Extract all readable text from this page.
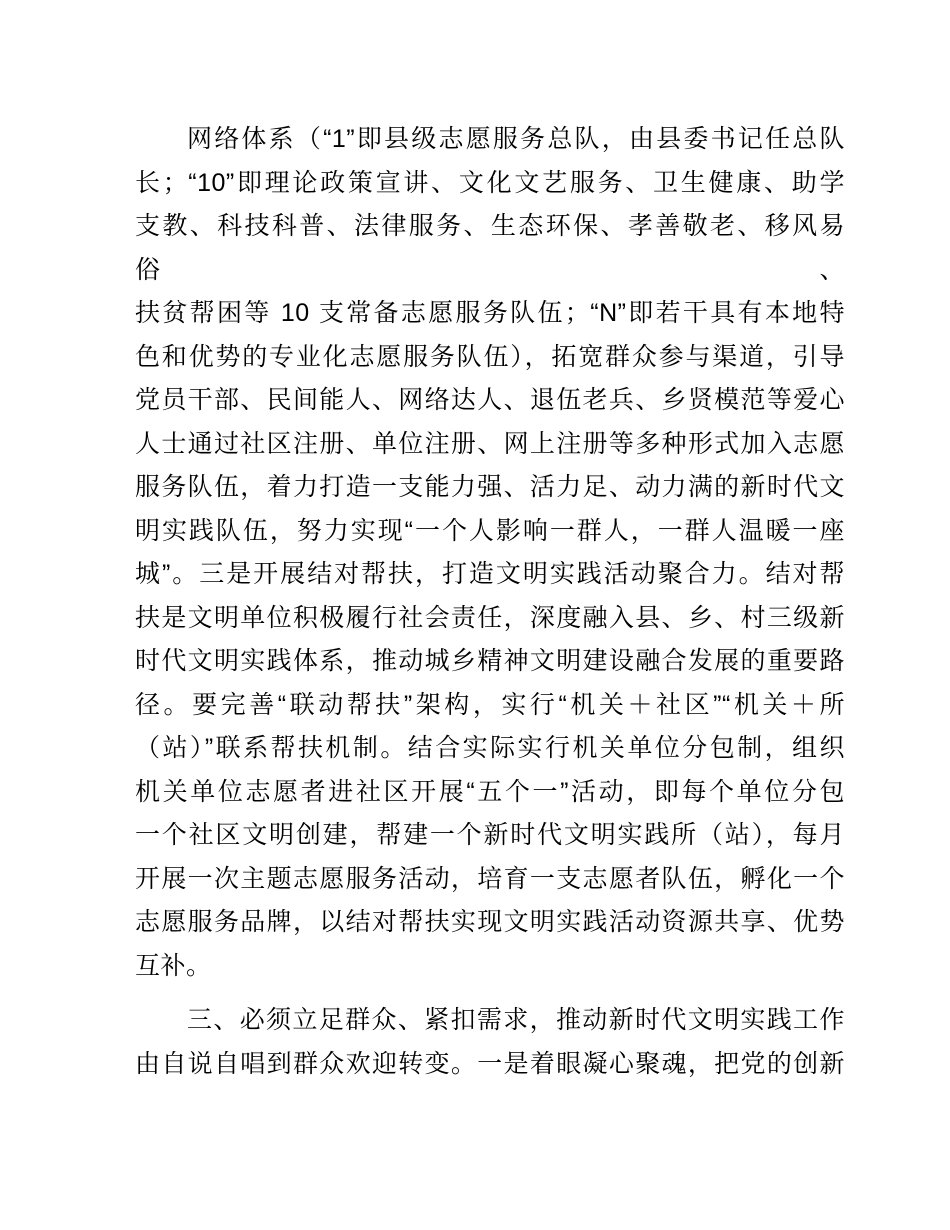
网络体系（“1”即县级志愿服务总队，由县委书记任总队
长；“10”即理论政策宣讲、文化文艺服务、卫生健康、助学
支教、科技科普、法律服务、生态环保、孝善敬老、移风易俗、
扶贫帮困等 10 支常备志愿服务队伍；“N”即若干具有本地特
色和优势的专业化志愿服务队伍），拓宽群众参与渠道，引导
党员干部、民间能人、网络达人、退伍老兵、乡贤模范等爱心
人士通过社区注册、单位注册、网上注册等多种形式加入志愿
服务队伍，着力打造一支能力强、活力足、动力满的新时代文
明实践队伍，努力实现“一个人影响一群人，一群人温暖一座
城”。三是开展结对帮扶，打造文明实践活动聚合力。结对帮
扶是文明单位积极履行社会责任，深度融入县、乡、村三级新
时代文明实践体系，推动城乡精神文明建设融合发展的重要路
径。要完善“联动帮扶”架构，实行“机关＋社区”“机关＋所
（站）”联系帮扶机制。结合实际实行机关单位分包制，组织
机关单位志愿者进社区开展“五个一”活动，即每个单位分包
一个社区文明创建，帮建一个新时代文明实践所（站），每月
开展一次主题志愿服务活动，培育一支志愿者队伍，孵化一个
志愿服务品牌，以结对帮扶实现文明实践活动资源共享、优势
互补。
三、必须立足群众、紧扣需求，推动新时代文明实践工作
由自说自唱到群众欢迎转变。一是着眼凝心聚魂，把党的创新
